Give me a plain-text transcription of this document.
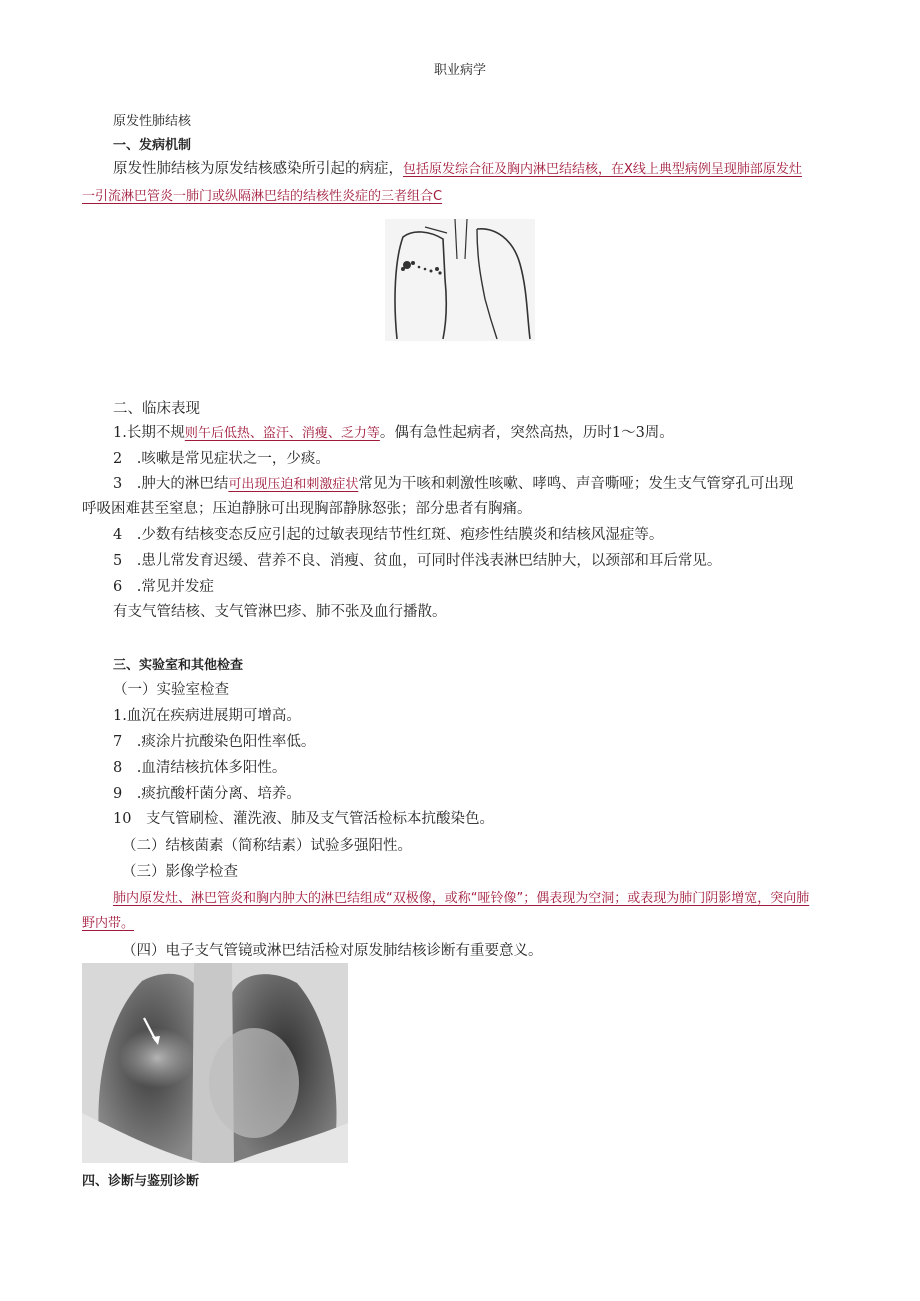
职业病学
原发性肺结核
一、发病机制
原发性肺结核为原发结核感染所引起的病症，包括原发综合征及胸内淋巴结结核，在X线上典型病例呈现肺部原发灶
一引流淋巴管炎一肺门或纵隔淋巴结的结核性炎症的三者组合C
二、临床表现
1.长期不规则午后低热、盗汗、消瘦、乏力等。偶有急性起病者，突然高热，历时1～3周。
2　.咳嗽是常见症状之一，少痰。
3　.肿大的淋巴结可出现压迫和刺激症状常见为干咳和刺激性咳嗽、哮鸣、声音嘶哑；发生支气管穿孔可出现
呼吸困难甚至窒息；压迫静脉可出现胸部静脉怒张；部分患者有胸痛。
4　.少数有结核变态反应引起的过敏表现结节性红斑、疱疹性结膜炎和结核风湿症等。
5　.患儿常发育迟缓、营养不良、消瘦、贫血，可同时伴浅表淋巴结肿大，以颈部和耳后常见。
6　.常见并发症
有支气管结核、支气管淋巴疹、肺不张及血行播散。
三、实验室和其他检查
（一）实验室检查
1.血沉在疾病进展期可增高。
7　.痰涂片抗酸染色阳性率低。
8　.血清结核抗体多阳性。
9　.痰抗酸杆菌分离、培养。
10　支气管刷检、灌洗液、肺及支气管活检标本抗酸染色。
（二）结核菌素（简称结素）试验多强阳性。
（三）影像学检查
肺内原发灶、淋巴管炎和胸内肿大的淋巴结组成“双极像，或称“哑铃像”；偶表现为空洞；或表现为肺门阴影增宽，突向肺
野内带。
（四）电子支气管镜或淋巴结活检对原发肺结核诊断有重要意义。
四、诊断与鉴别诊断
